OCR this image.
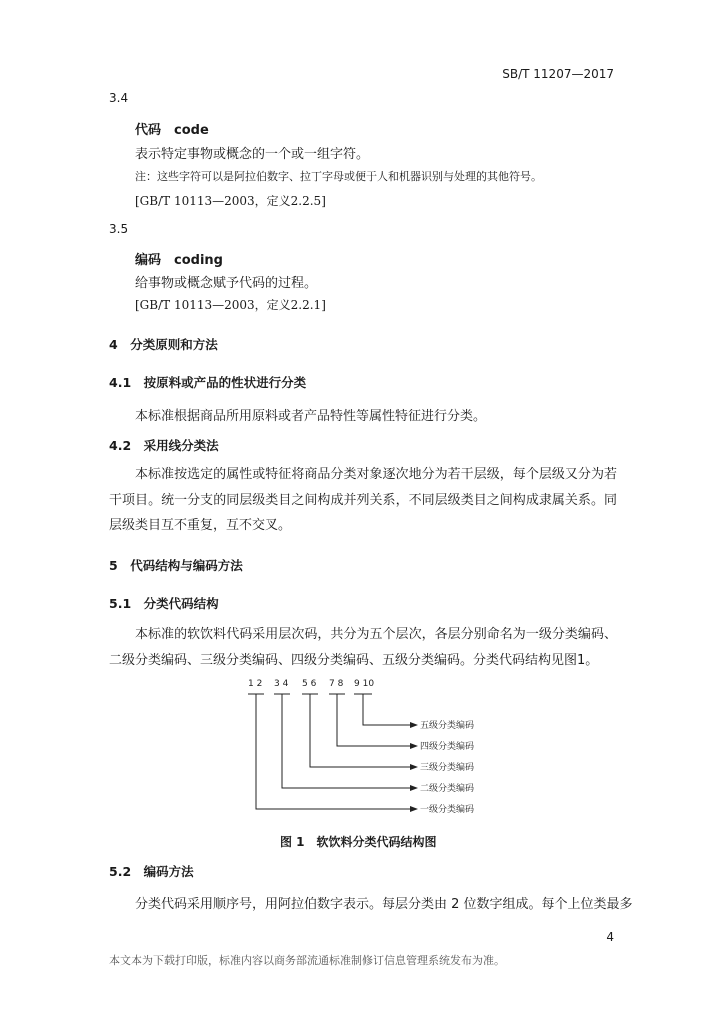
SB/T 11207—2017
3.4
代码　code
表示特定事物或概念的一个或一组字符。
注：这些字符可以是阿拉伯数字、拉丁字母或便于人和机器识别与处理的其他符号。
[GB/T 10113—2003，定义2.2.5]
3.5
编码　coding
给事物或概念赋予代码的过程。
[GB/T 10113—2003，定义2.2.1]
4　分类原则和方法
4.1　按原料或产品的性状进行分类
本标准根据商品所用原料或者产品特性等属性特征进行分类。
4.2　采用线分类法
本标准按选定的属性或特征将商品分类对象逐次地分为若干层级，每个层级又分为若干项目。统一分支的同层级类目之间构成并列关系，不同层级类目之间构成隶属关系。同层级类目互不重复，互不交叉。
5　代码结构与编码方法
5.1　分类代码结构
本标准的软饮料代码采用层次码，共分为五个层次，各层分别命名为一级分类编码、二级分类编码、三级分类编码、四级分类编码、五级分类编码。分类代码结构见图1。
1 2 3 4 5 6 7 8 9 10
五级分类编码
四级分类编码
三级分类编码
二级分类编码
一级分类编码
图 1　软饮料分类代码结构图
5.2　编码方法
分类代码采用顺序号，用阿拉伯数字表示。每层分类由 2 位数字组成。每个上位类最多
4
本文本为下载打印版，标准内容以商务部流通标准制修订信息管理系统发布为准。
